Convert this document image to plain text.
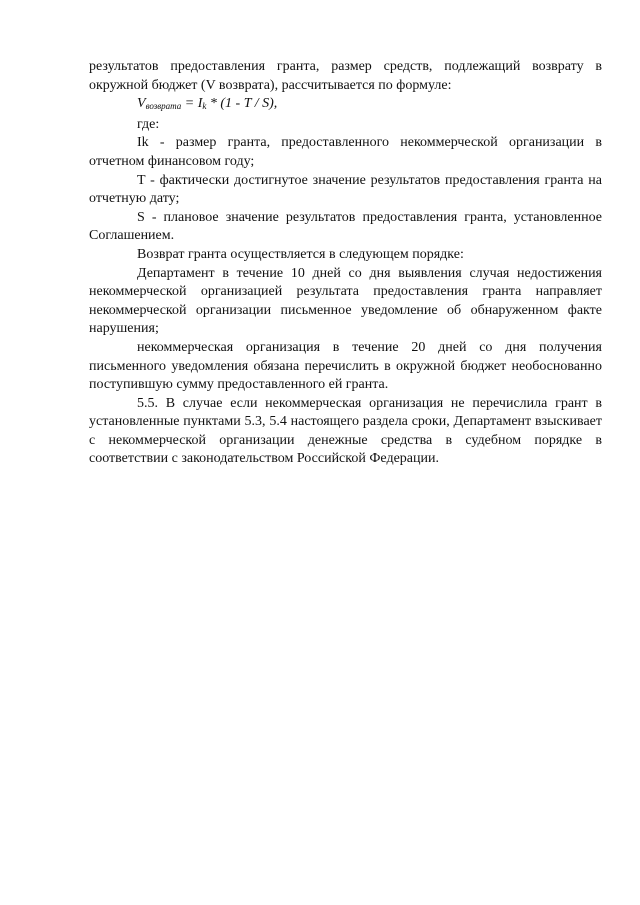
результатов предоставления гранта, размер средств, подлежащий возврату в окружной бюджет (V возврата), рассчитывается по формуле:

$V_{возврата} = I_k * (1 - T / S)$,

где:

Ik - размер гранта, предоставленного некоммерческой организации в отчетном финансовом году;

T - фактически достигнутое значение результатов предоставления гранта на отчетную дату;

S - плановое значение результатов предоставления гранта, установленное Соглашением.

Возврат гранта осуществляется в следующем порядке:

Департамент в течение 10 дней со дня выявления случая недостижения некоммерческой организацией результата предоставления гранта направляет некоммерческой организации письменное уведомление об обнаруженном факте нарушения;

некоммерческая организация в течение 20 дней со дня получения письменного уведомления обязана перечислить в окружной бюджет необоснованно поступившую сумму предоставленного ей гранта.

5.5. В случае если некоммерческая организация не перечислила грант в установленные пунктами 5.3, 5.4 настоящего раздела сроки, Департамент взыскивает с некоммерческой организации денежные средства в судебном порядке в соответствии с законодательством Российской Федерации.
